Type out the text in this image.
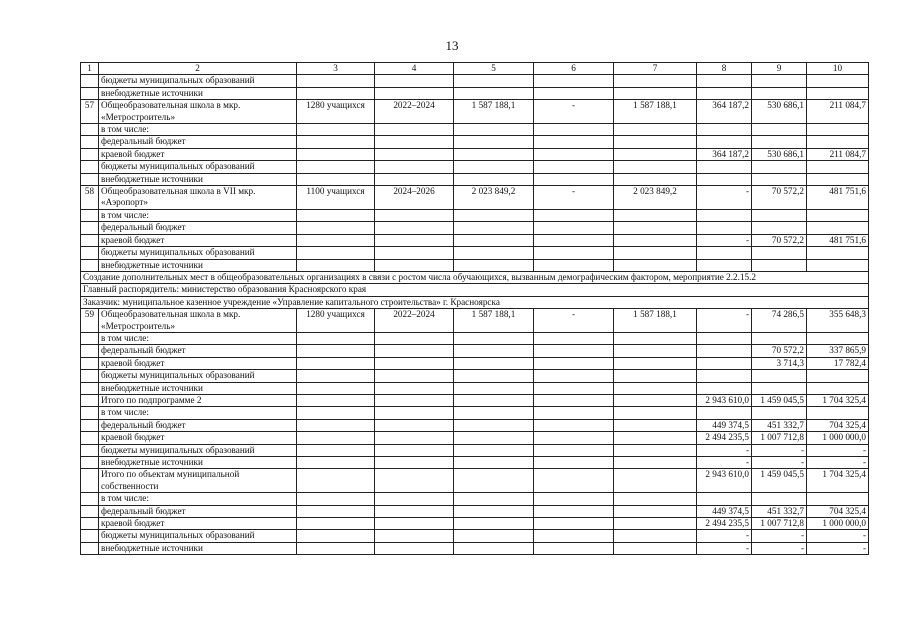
13
1	2	3	4	5	6	7	8	9	10
	бюджеты муниципальных образований								
	внебюджетные источники								
57	Общеобразовательная школа в мкр. «Метростроитель»	1280 учащихся	2022–2024	1 587 188,1	-	1 587 188,1	364 187,2	530 686,1	211 084,7
	в том числе:								
	федеральный бюджет								
	краевой бюджет						364 187,2	530 686,1	211 084,7
	бюджеты муниципальных образований								
	внебюджетные источники								
58	Общеобразовательная школа в VII мкр. «Аэропорт»	1100 учащихся	2024–2026	2 023 849,2	-	2 023 849,2	-	70 572,2	481 751,6
	в том числе:								
	федеральный бюджет								
	краевой бюджет						-	70 572,2	481 751,6
	бюджеты муниципальных образований								
	внебюджетные источники								
Создание дополнительных мест в общеобразовательных организациях в связи с ростом числа обучающихся, вызванным демографическим фактором, мероприятие 2.2.15.2									
Главный распорядитель: министерство образования Красноярского края									
Заказчик: муниципальное казенное учреждение «Управление капитального строительства» г. Красноярска									
59	Общеобразовательная школа в мкр. «Метростроитель»	1280 учащихся	2022–2024	1 587 188,1	-	1 587 188,1	-	74 286,5	355 648,3
	в том числе:								
	федеральный бюджет							70 572,2	337 865,9
	краевой бюджет							3 714,3	17 782,4
	бюджеты муниципальных образований								
	внебюджетные источники								
	Итого по подпрограмме 2						2 943 610,0	1 459 045,5	1 704 325,4
	в том числе:								
	федеральный бюджет						449 374,5	451 332,7	704 325,4
	краевой бюджет						2 494 235,5	1 007 712,8	1 000 000,0
	бюджеты муниципальных образований						-	-	-
	внебюджетные источники						-	-	-
	Итого по объектам муниципальной собственности						2 943 610,0	1 459 045,5	1 704 325,4
	в том числе:								
	федеральный бюджет						449 374,5	451 332,7	704 325,4
	краевой бюджет						2 494 235,5	1 007 712,8	1 000 000,0
	бюджеты муниципальных образований						-	-	-
	внебюджетные источники						-	-	-
